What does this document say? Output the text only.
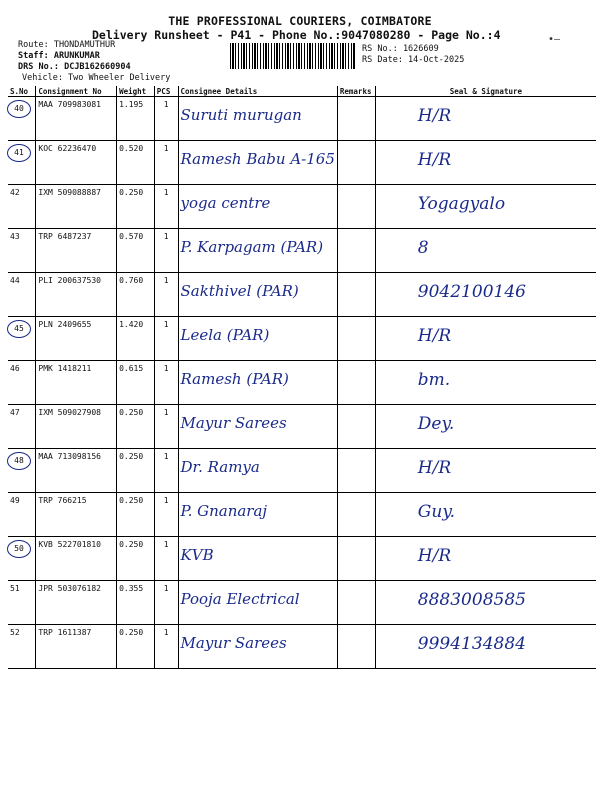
THE PROFESSIONAL COURIERS, COIMBATORE
Delivery Runsheet - P41 - Phone No.:9047080280 - Page No.:4
Route: THONDAMUTHUR
Staff: ARUNKUMAR
DRS No.: DCJB162660904
Vehicle: Two Wheeler Delivery
RS No.: 1626609
RS Date: 14-Oct-2025
•—
S.No	Consignment No	Weight	PCS	Consignee Details	Remarks	Seal & Signature
40	MAA 709983081	1.195	1	Suruti murugan		H/R

41	KOC 62236470	0.520	1	Ramesh Babu A-165		H/R

42	IXM 509088887	0.250	1	yoga centre		Yogagyalo

43	TRP 6487237	0.570	1	P. Karpagam (PAR)		8

44	PLI 200637530	0.760	1	Sakthivel (PAR)		9042100146

45	PLN 2409655	1.420	1	Leela (PAR)		H/R

46	PMK 1418211	0.615	1	Ramesh (PAR)		bm.

47	IXM 509027908	0.250	1	Mayur Sarees		Dey.

48	MAA 713098156	0.250	1	Dr. Ramya		H/R

49	TRP 766215	0.250	1	P. Gnanaraj		Guy.

50	KVB 522701810	0.250	1	KVB		H/R

51	JPR 503076182	0.355	1	Pooja Electrical		8883008585

52	TRP 1611387	0.250	1	Mayur Sarees		9994134884
